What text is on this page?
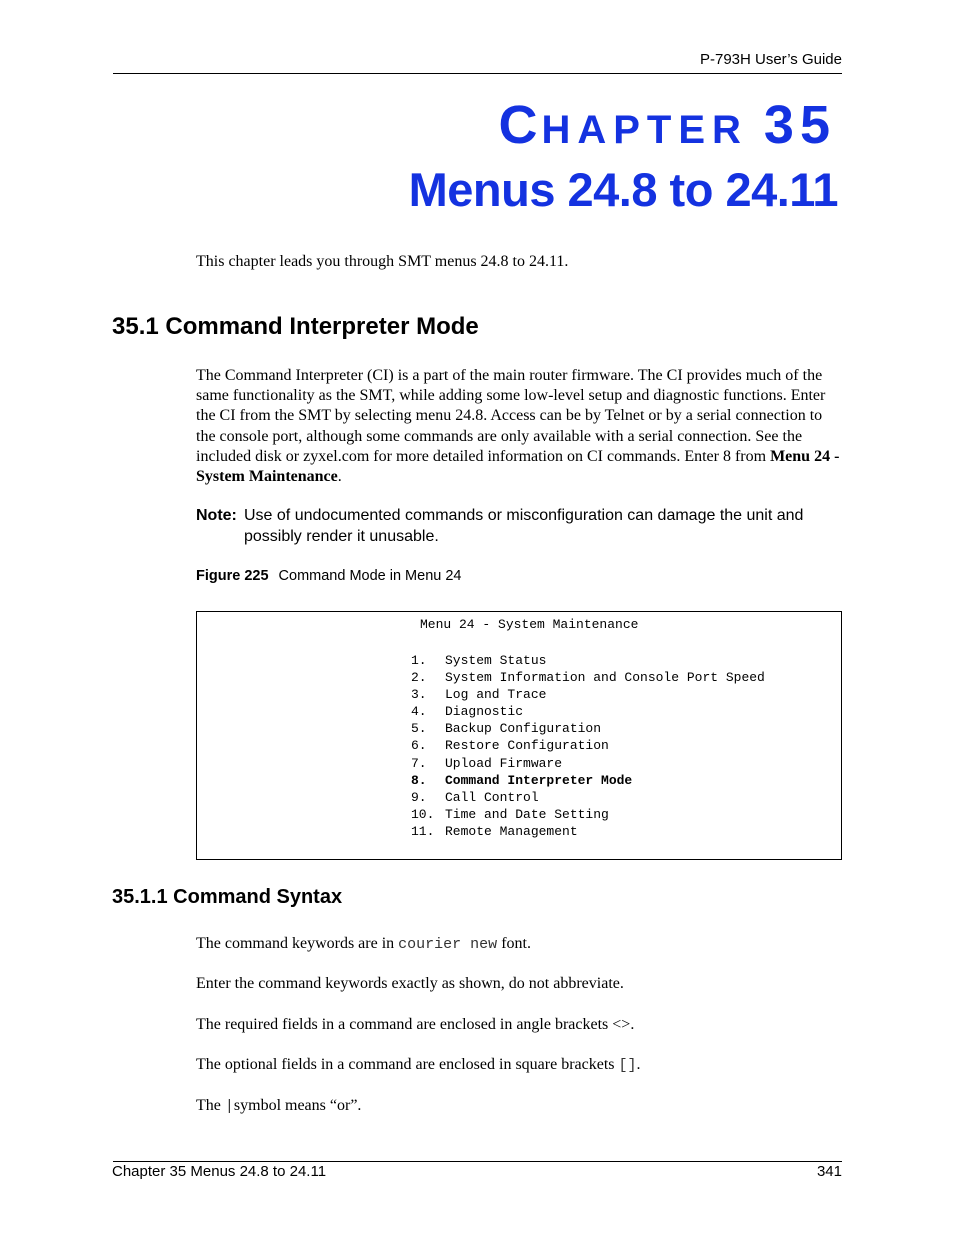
P-793H User’s Guide
CHAPTER 35
Menus 24.8 to 24.11
This chapter leads you through SMT menus 24.8 to 24.11.
35.1 Command Interpreter Mode
The Command Interpreter (CI) is a part of the main router firmware. The CI provides much of the same functionality as the SMT, while adding some low-level setup and diagnostic functions. Enter the CI from the SMT by selecting menu 24.8. Access can be by Telnet or by a serial connection to the console port, although some commands are only available with a serial connection. See the included disk or zyxel.com for more detailed information on CI commands. Enter 8 from Menu 24 - System Maintenance.
Note: Use of undocumented commands or misconfiguration can damage the unit and possibly render it unusable.
Figure 225 Command Mode in Menu 24
Menu 24 - System Maintenance
1.	System Status
2.	System Information and Console Port Speed
3.	Log and Trace
4.	Diagnostic
5.	Backup Configuration
6.	Restore Configuration
7.	Upload Firmware
8.	Command Interpreter Mode
9.	Call Control
10. Time and Date Setting
11. Remote Management
35.1.1 Command Syntax
The command keywords are in courier new font.
Enter the command keywords exactly as shown, do not abbreviate.
The required fields in a command are enclosed in angle brackets <>.
The optional fields in a command are enclosed in square brackets [].
The |symbol means “or”.
Chapter 35 Menus 24.8 to 24.11	341
